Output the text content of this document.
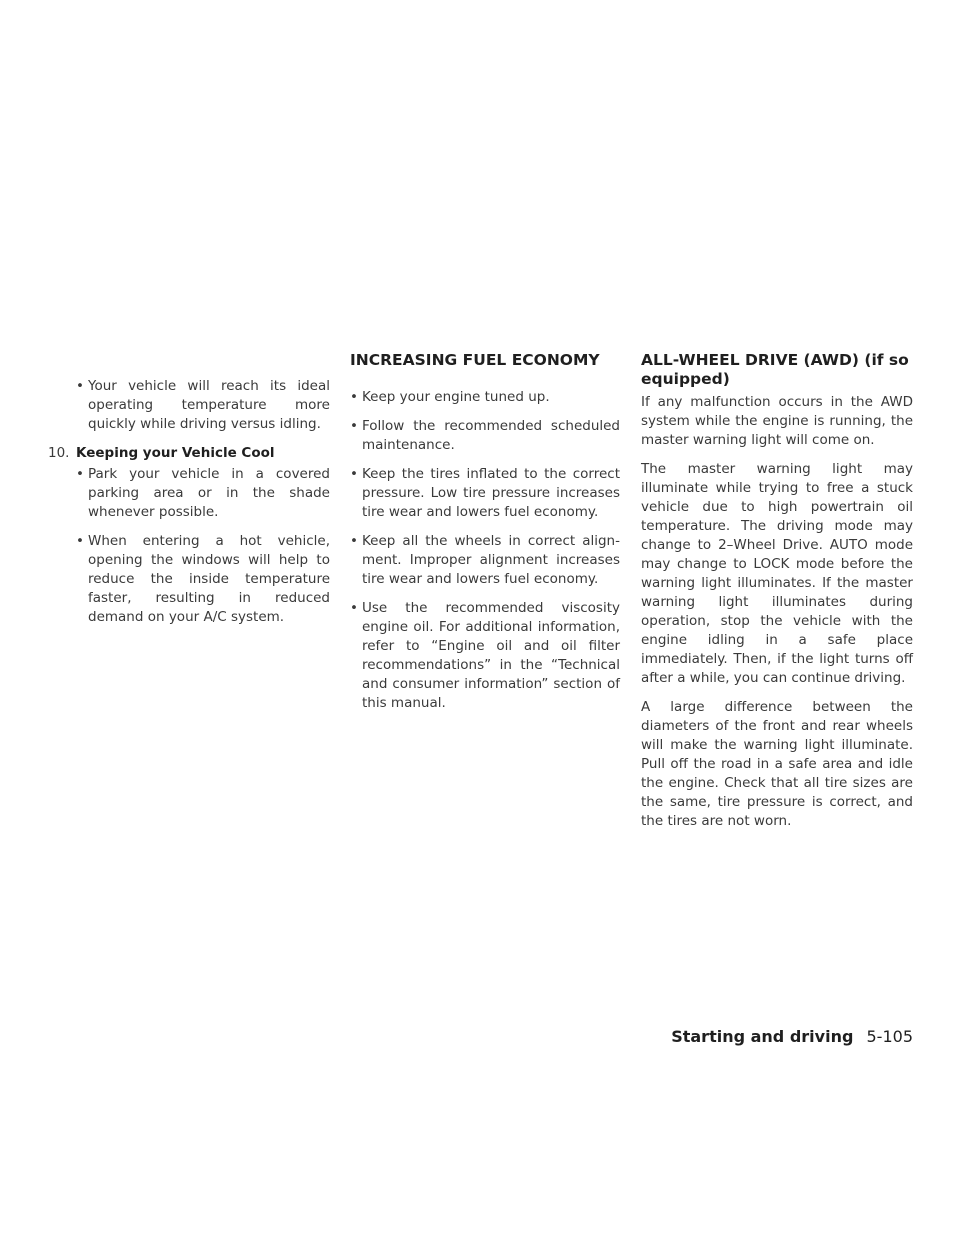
• Your vehicle will reach its ideal operating temperature more quickly while driving versus idling.
10. Keeping your Vehicle Cool
• Park your vehicle in a covered parking area or in the shade whenever possible.
• When entering a hot vehicle, opening the windows will help to reduce the inside temperature faster, resulting in reduced demand on your A/C system.
INCREASING FUEL ECONOMY
• Keep your engine tuned up.
• Follow the recommended scheduled maintenance.
• Keep the tires inflated to the correct pressure. Low tire pressure increases tire wear and lowers fuel economy.
• Keep all the wheels in correct alignment. Improper alignment increases tire wear and lowers fuel economy.
• Use the recommended viscosity engine oil. For additional information, refer to “Engine oil and oil filter recommendations” in the “Technical and consumer information” section of this manual.
ALL-WHEEL DRIVE (AWD) (if so equipped)

If any malfunction occurs in the AWD system while the engine is running, the master warning light will come on.

The master warning light may illuminate while trying to free a stuck vehicle due to high powertrain oil temperature. The driving mode may change to 2–Wheel Drive. AUTO mode may change to LOCK mode before the warning light illuminates. If the master warning light illuminates during operation, stop the vehicle with the engine idling in a safe place immediately. Then, if the light turns off after a while, you can continue driving.

A large difference between the diameters of the front and rear wheels will make the warning light illuminate. Pull off the road in a safe area and idle the engine. Check that all tire sizes are the same, tire pressure is correct, and the tires are not worn.

Starting and driving 5-105
